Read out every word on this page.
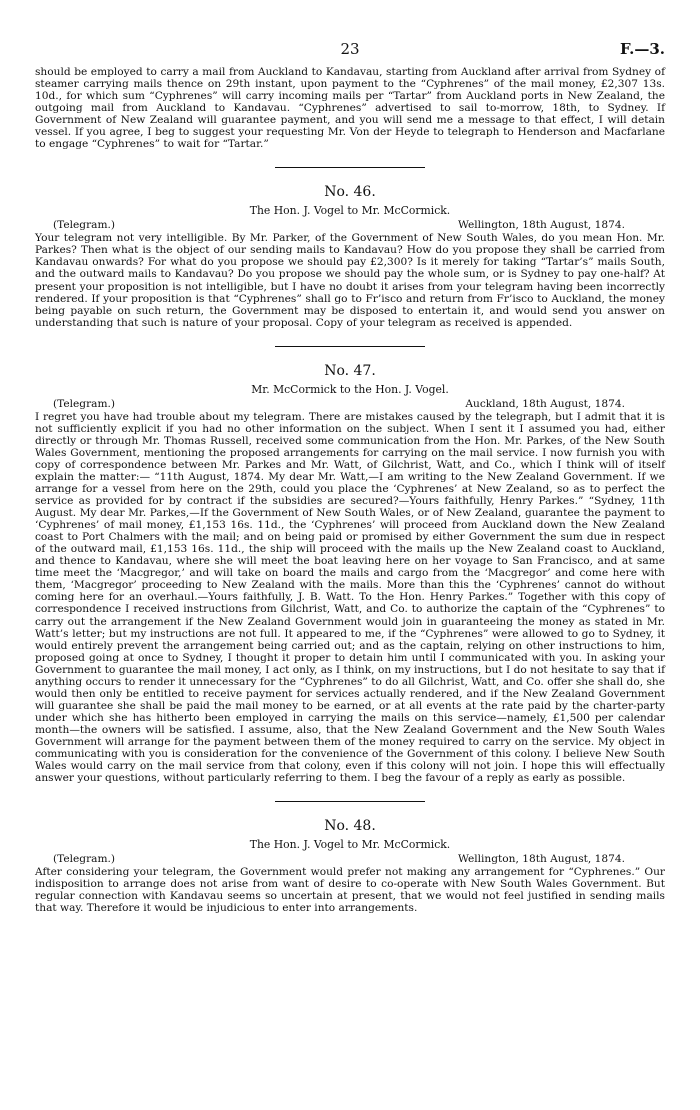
23	F.—3.

should be employed to carry a mail from Auckland to Kandavau, starting from Auckland after arrival from Sydney of steamer carrying mails thence on 29th instant, upon payment to the “Cyphrenes” of the mail money, £2,307 13s. 10d., for which sum “Cyphrenes” will carry incoming mails per “Tartar” from Auckland ports in New Zealand, the outgoing mail from Auckland to Kandavau. “Cyphrenes” advertised to sail to-morrow, 18th, to Sydney. If Government of New Zealand will guarantee payment, and you will send me a message to that effect, I will detain vessel. If you agree, I beg to suggest your requesting Mr. Von der Heyde to telegraph to Henderson and Macfarlane to engage “Cyphrenes” to wait for “Tartar.”

No. 46.
The Hon. J. Vogel to Mr. McCormick.
(Telegram.)	Wellington, 18th August, 1874.

Your telegram not very intelligible. By Mr. Parker, of the Government of New South Wales, do you mean Hon. Mr. Parkes? Then what is the object of our sending mails to Kandavau? How do you propose they shall be carried from Kandavau onwards? For what do you propose we should pay £2,300? Is it merely for taking “Tartar’s” mails South, and the outward mails to Kandavau? Do you propose we should pay the whole sum, or is Sydney to pay one-half? At present your proposition is not intelligible, but I have no doubt it arises from your telegram having been incorrectly rendered. If your proposition is that “Cyphrenes” shall go to Fr’isco and return from Fr’isco to Auckland, the money being payable on such return, the Government may be disposed to entertain it, and would send you answer on understanding that such is nature of your proposal. Copy of your telegram as received is appended.

No. 47.
Mr. McCormick to the Hon. J. Vogel.
(Telegram.)	Auckland, 18th August, 1874.

I regret you have had trouble about my telegram. There are mistakes caused by the telegraph, but I admit that it is not sufficiently explicit if you had no other information on the subject. When I sent it I assumed you had, either directly or through Mr. Thomas Russell, received some communication from the Hon. Mr. Parkes, of the New South Wales Government, mentioning the proposed arrangements for carrying on the mail service. I now furnish you with copy of correspondence between Mr. Parkes and Mr. Watt, of Gilchrist, Watt, and Co., which I think will of itself explain the matter:— “11th August, 1874. My dear Mr. Watt,—I am writing to the New Zealand Government. If we arrange for a vessel from here on the 29th, could you place the ‘Cyphrenes’ at New Zealand, so as to perfect the service as provided for by contract if the subsidies are secured?—Yours faithfully, Henry Parkes.” “Sydney, 11th August. My dear Mr. Parkes,—If the Government of New South Wales, or of New Zealand, guarantee the payment to ‘Cyphrenes’ of mail money, £1,153 16s. 11d., the ‘Cyphrenes’ will proceed from Auckland down the New Zealand coast to Port Chalmers with the mail; and on being paid or promised by either Government the sum due in respect of the outward mail, £1,153 16s. 11d., the ship will proceed with the mails up the New Zealand coast to Auckland, and thence to Kandavau, where she will meet the boat leaving here on her voyage to San Francisco, and at same time meet the ‘Macgregor,’ and will take on board the mails and cargo from the ‘Macgregor’ and come here with them, ‘Macgregor’ proceeding to New Zealand with the mails. More than this the ‘Cyphrenes’ cannot do without coming here for an overhaul.—Yours faithfully, J. B. Watt. To the Hon. Henry Parkes.” Together with this copy of correspondence I received instructions from Gilchrist, Watt, and Co. to authorize the captain of the “Cyphrenes” to carry out the arrangement if the New Zealand Government would join in guaranteeing the money as stated in Mr. Watt’s letter; but my instructions are not full. It appeared to me, if the “Cyphrenes” were allowed to go to Sydney, it would entirely prevent the arrangement being carried out; and as the captain, relying on other instructions to him, proposed going at once to Sydney, I thought it proper to detain him until I communicated with you. In asking your Government to guarantee the mail money, I act only, as I think, on my instructions, but I do not hesitate to say that if anything occurs to render it unnecessary for the “Cyphrenes” to do all Gilchrist, Watt, and Co. offer she shall do, she would then only be entitled to receive payment for services actually rendered, and if the New Zealand Government will guarantee she shall be paid the mail money to be earned, or at all events at the rate paid by the charter-party under which she has hitherto been employed in carrying the mails on this service—namely, £1,500 per calendar month—the owners will be satisfied. I assume, also, that the New Zealand Government and the New South Wales Government will arrange for the payment between them of the money required to carry on the service. My object in communicating with you is consideration for the convenience of the Government of this colony. I believe New South Wales would carry on the mail service from that colony, even if this colony will not join. I hope this will effectually answer your questions, without particularly referring to them. I beg the favour of a reply as early as possible.

No. 48.
The Hon. J. Vogel to Mr. McCormick.
(Telegram.)	Wellington, 18th August, 1874.

After considering your telegram, the Government would prefer not making any arrangement for “Cyphrenes.” Our indisposition to arrange does not arise from want of desire to co-operate with New South Wales Government. But regular connection with Kandavau seems so uncertain at present, that we would not feel justified in sending mails that way. Therefore it would be injudicious to enter into arrangements.
